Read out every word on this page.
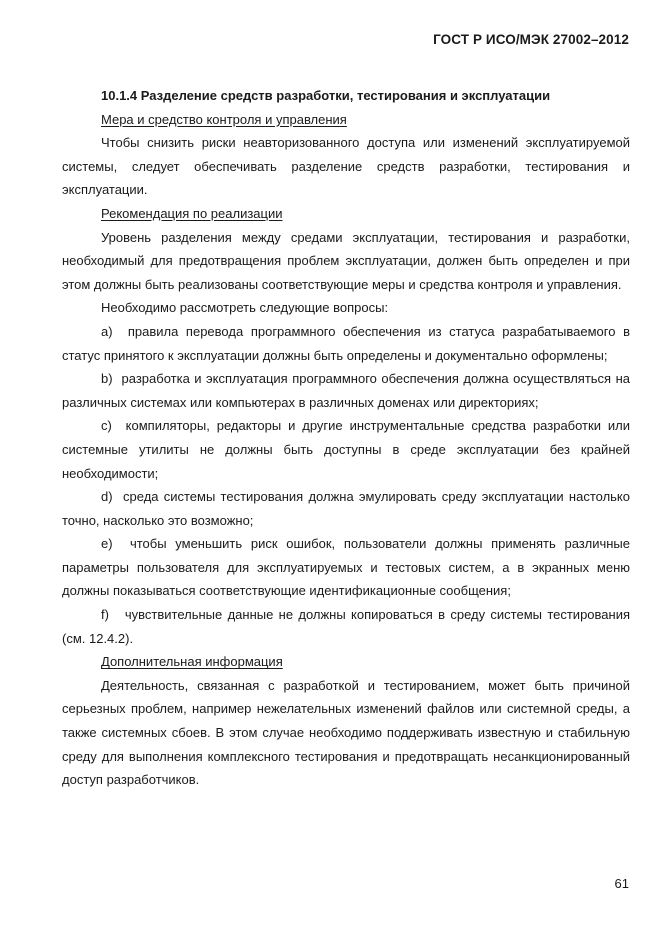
ГОСТ Р ИСО/МЭК 27002–2012

10.1.4 Разделение средств разработки, тестирования и эксплуатации

Мера и средство контроля и управления

Чтобы снизить риски неавторизованного доступа или изменений эксплуатируемой системы, следует обеспечивать разделение средств разработки, тестирования и эксплуатации.

Рекомендация по реализации

Уровень разделения между средами эксплуатации, тестирования и разработки, необходимый для предотвращения проблем эксплуатации, должен быть определен и при этом должны быть реализованы соответствующие меры и средства контроля и управления.

Необходимо рассмотреть следующие вопросы:

a)  правила перевода программного обеспечения из статуса разрабатываемого в статус принятого к эксплуатации должны быть определены и документально оформлены;

b)  разработка и эксплуатация программного обеспечения должна осуществляться на различных системах или компьютерах в различных доменах или директориях;

c)  компиляторы, редакторы и другие инструментальные средства разработки или системные утилиты не должны быть доступны в среде эксплуатации без крайней необходимости;

d)  среда системы тестирования должна эмулировать среду эксплуатации настолько точно, насколько это возможно;

e)  чтобы уменьшить риск ошибок, пользователи должны применять различные параметры пользователя для эксплуатируемых и тестовых систем, а в экранных меню должны показываться соответствующие идентификационные сообщения;

f)   чувствительные данные не должны копироваться в среду системы тестирования (см. 12.4.2).

Дополнительная информация

Деятельность, связанная с разработкой и тестированием, может быть причиной серьезных проблем, например нежелательных изменений файлов или системной среды, а также системных сбоев. В этом случае необходимо поддерживать известную и стабильную среду для выполнения комплексного тестирования и предотвращать несанкционированный доступ разработчиков.

61
